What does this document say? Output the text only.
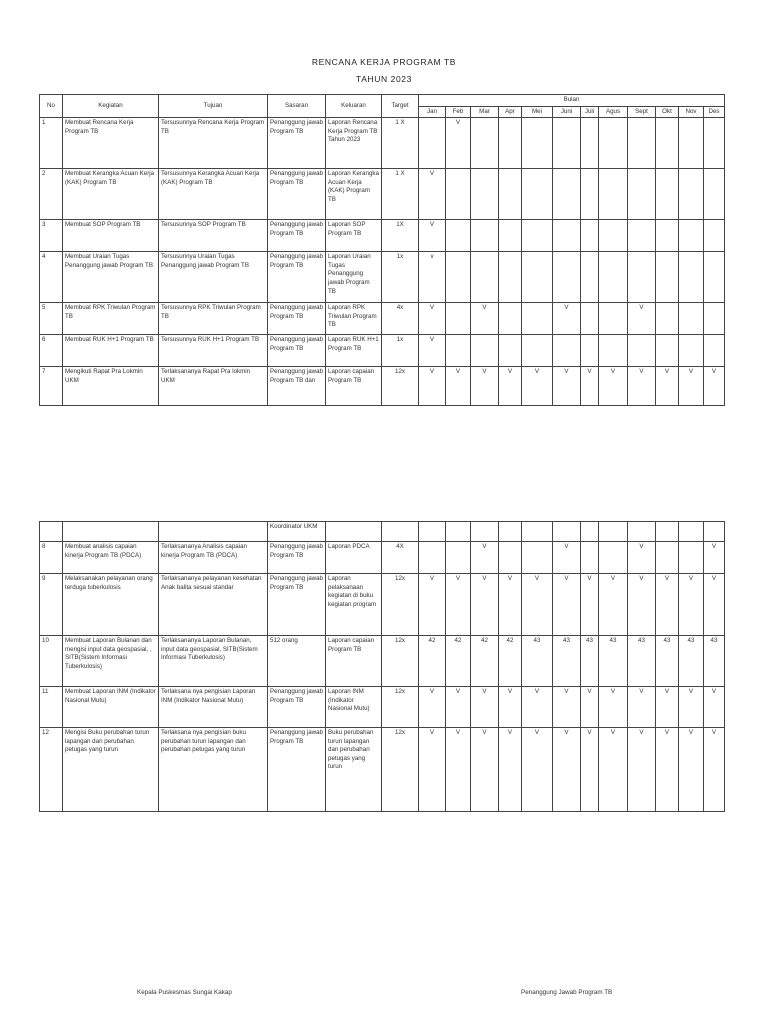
RENCANA KERJA PROGRAM TB
TAHUN 2023
No	Kegiatan	Tujuan	Sasaran	Keluaran	Target	Bulan											
						Jan	Feb	Mar	Apr	Mei	Juni	Juli	Agus	Sept	Okt	Nov	Des
1	Membuat Rencana Kerja Program TB	Tersusunnya Rencana Kerja Program TB	Penanggung jawab Program TB	Laporan Rencana Kerja Program TB Tahun 2023	1 X		V										
2	Membuat Kerangka Acuan Kerja (KAK) Program TB	Tersusunnya Kerangka Acuan Kerja (KAK) Program TB	Penanggung jawab Program TB	Laporan Kerangka Acuan Kerja (KAK) Program TB	1 X	V											
3	Membuat SOP Program TB	Tersusunnya SOP Program TB	Penanggung jawab Program TB	Laporan SOP Program TB	1X	V											
4	Membuat Uraian Tugas Penanggung jawab Program TB	Tersusunnya Uraian Tugas Penanggung jawab Program TB	Penanggung jawab Program TB	Laporan Uraian Tugas Penanggung jawab Program TB	1x	v											
5	Membuat RPK Triwulan Program TB	Tersusunnya RPK Triwulan Program TB	Penanggung jawab Program TB	Laporan RPK Triwulan Program TB	4x	V		V			V			V			
6	Membuat RUK H+1 Program TB	Tersusunnya RUK H+1 Program TB	Penanggung jawab Program TB	Laporan RUK H+1 Program TB	1x	V											
7	Mengikuti Rapat Pra Lokmin UKM	Terlaksananya Rapat Pra lokmin UKM	Penanggung jawab Program TB dan	Laporan capaian Program TB	12x	V	V	V	V	V	V	V	V	V	V	V	V
			Koordinator UKM														
8	Membuat analisis capaian kinerja Program TB (PDCA)	Terlaksananya Analisis capaian kinerja Program TB (PDCA)	Penanggung jawab Program TB	Laporan PDCA	4X			V			V			V			V
9	Melaksanakan pelayanan orang terduga tuberkulosis	Terlaksananya pelayanan kesehatan Anak balita sesuai standar	Penanggung jawab Program TB	Laporan pelaksanaan kegiatan di buku kegiatan program	12x	V	V	V	V	V	V	V	V	V	V	V	V
10	Membuat Laporan Bulanan dan mengisi input data geospasial, , SITB(Sistem Informasi Tuberkulosis)	Terlaksananya Laporan Bulanan, input data geospasial, SITB(Sistem Informasi Tuberkulosis)	512 orang	Laporan capaian Program TB	12x	42	42	42	42	43	43	43	43	43	43	43	43
11	Membuat Laporan INM (Indikator Nasional Mutu)	Terlaksana nya pengisian Laporan INM (Indikator Nasional Mutu)	Penanggung jawab Program TB	Laporan INM (Indikator Nasional Mutu)	12x	V	V	V	V	V	V	V	V	V	V	V	V
12	Mengisi Buku perubahan turun lapangan dan perubahan petugas yang turun	Terlaksana nya pengisian buku perubahan turun lapangan dan perubahan petugas yang turun	Penanggung jawab Program TB	Buku perubahan turun lapangan dan perubahan petugas yang turun	12x	V	V	V	V	V	V	V	V	V	V	V	V
Kepala Puskesmas Sungai Kakap	Penanggung Jawab Program TB
